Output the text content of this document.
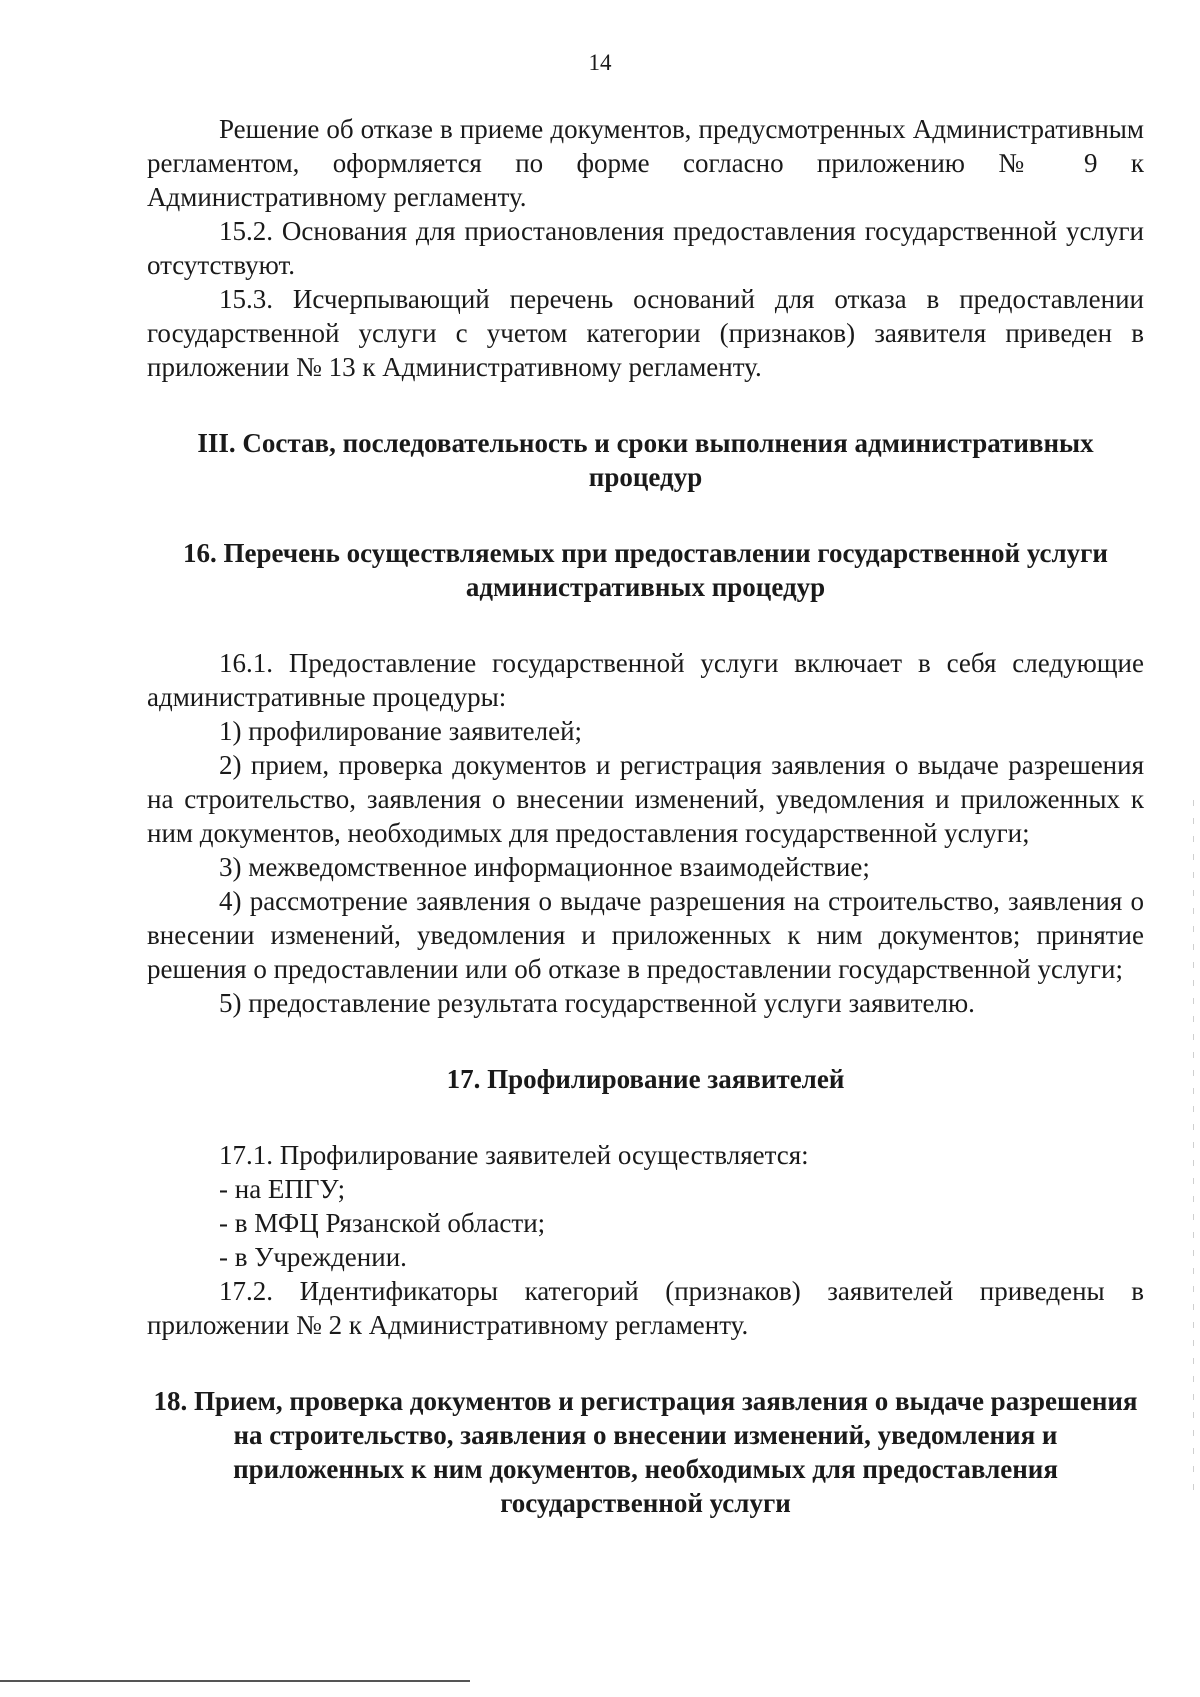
14

Решение об отказе в приеме документов, предусмотренных Административным регламентом, оформляется по форме согласно приложению № 9 к Административному регламенту.

15.2. Основания для приостановления предоставления государственной услуги отсутствуют.

15.3. Исчерпывающий перечень оснований для отказа в предоставлении государственной услуги с учетом категории (признаков) заявителя приведен в приложении № 13 к Административному регламенту.

III. Состав, последовательность и сроки выполнения административных процедур
16. Перечень осуществляемых при предоставлении государственной услуги административных процедур

16.1. Предоставление государственной услуги включает в себя следующие административные процедуры:

1) профилирование заявителей;

2) прием, проверка документов и регистрация заявления о выдаче разрешения на строительство, заявления о внесении изменений, уведомления и приложенных к ним документов, необходимых для предоставления государственной услуги;

3) межведомственное информационное взаимодействие;

4) рассмотрение заявления о выдаче разрешения на строительство, заявления о внесении изменений, уведомления и приложенных к ним документов; принятие решения о предоставлении или об отказе в предоставлении государственной услуги;

5) предоставление результата государственной услуги заявителю.

17. Профилирование заявителей

17.1. Профилирование заявителей осуществляется:

- на ЕПГУ;

- в МФЦ Рязанской области;

- в Учреждении.

17.2. Идентификаторы категорий (признаков) заявителей приведены в приложении № 2 к Административному регламенту.

18. Прием, проверка документов и регистрация заявления о выдаче разрешения на строительство, заявления о внесении изменений, уведомления и приложенных к ним документов, необходимых для предоставления государственной услуги
